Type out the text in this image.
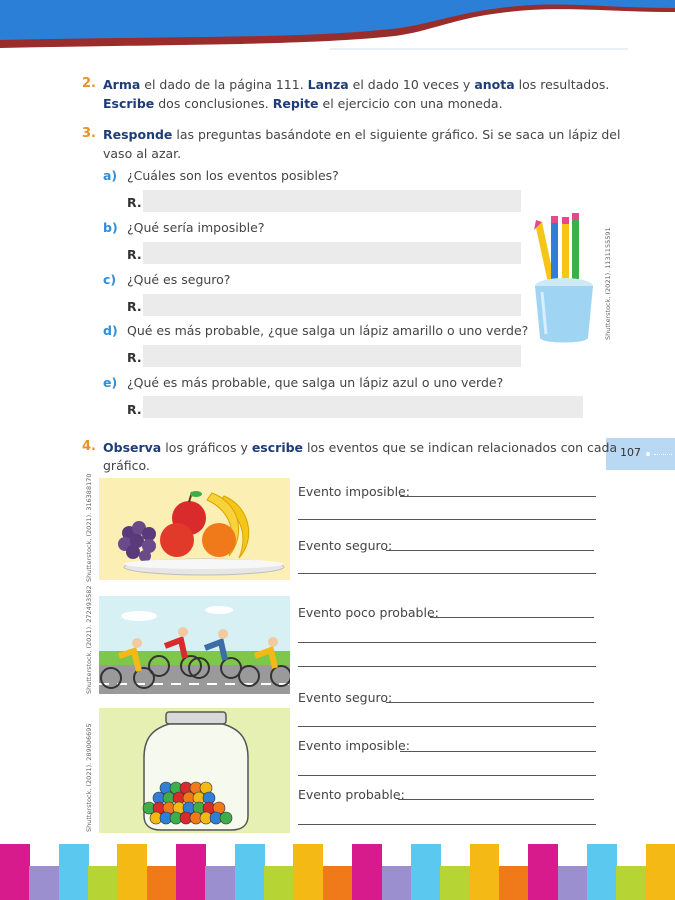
2. Arma el dado de la página 111. Lanza el dado 10 veces y anota los resultados.
Escribe dos conclusiones. Repite el ejercicio con una moneda.
3. Responde las preguntas basándote en el siguiente gráfico. Si se saca un lápiz del
vaso al azar.
a) ¿Cuáles son los eventos posibles?
R.
b) ¿Qué sería imposible?
R.
c) ¿Qué es seguro?
R.
d) Qué es más probable, ¿que salga un lápiz amarillo o uno verde?
R.
e) ¿Qué es más probable, que salga un lápiz azul o uno verde?
R.
Shutterstock, (2021). 1131155591
107
4. Observa los gráficos y escribe los eventos que se indican relacionados con cada
gráfico.
Shutterstock, (2021). 316388170
Shutterstock, (2021). 272493582
Shutterstock, (2021). 289006695
Evento imposible:
Evento seguro:
Evento poco probable:
Evento seguro:
Evento imposible:
Evento probable:
